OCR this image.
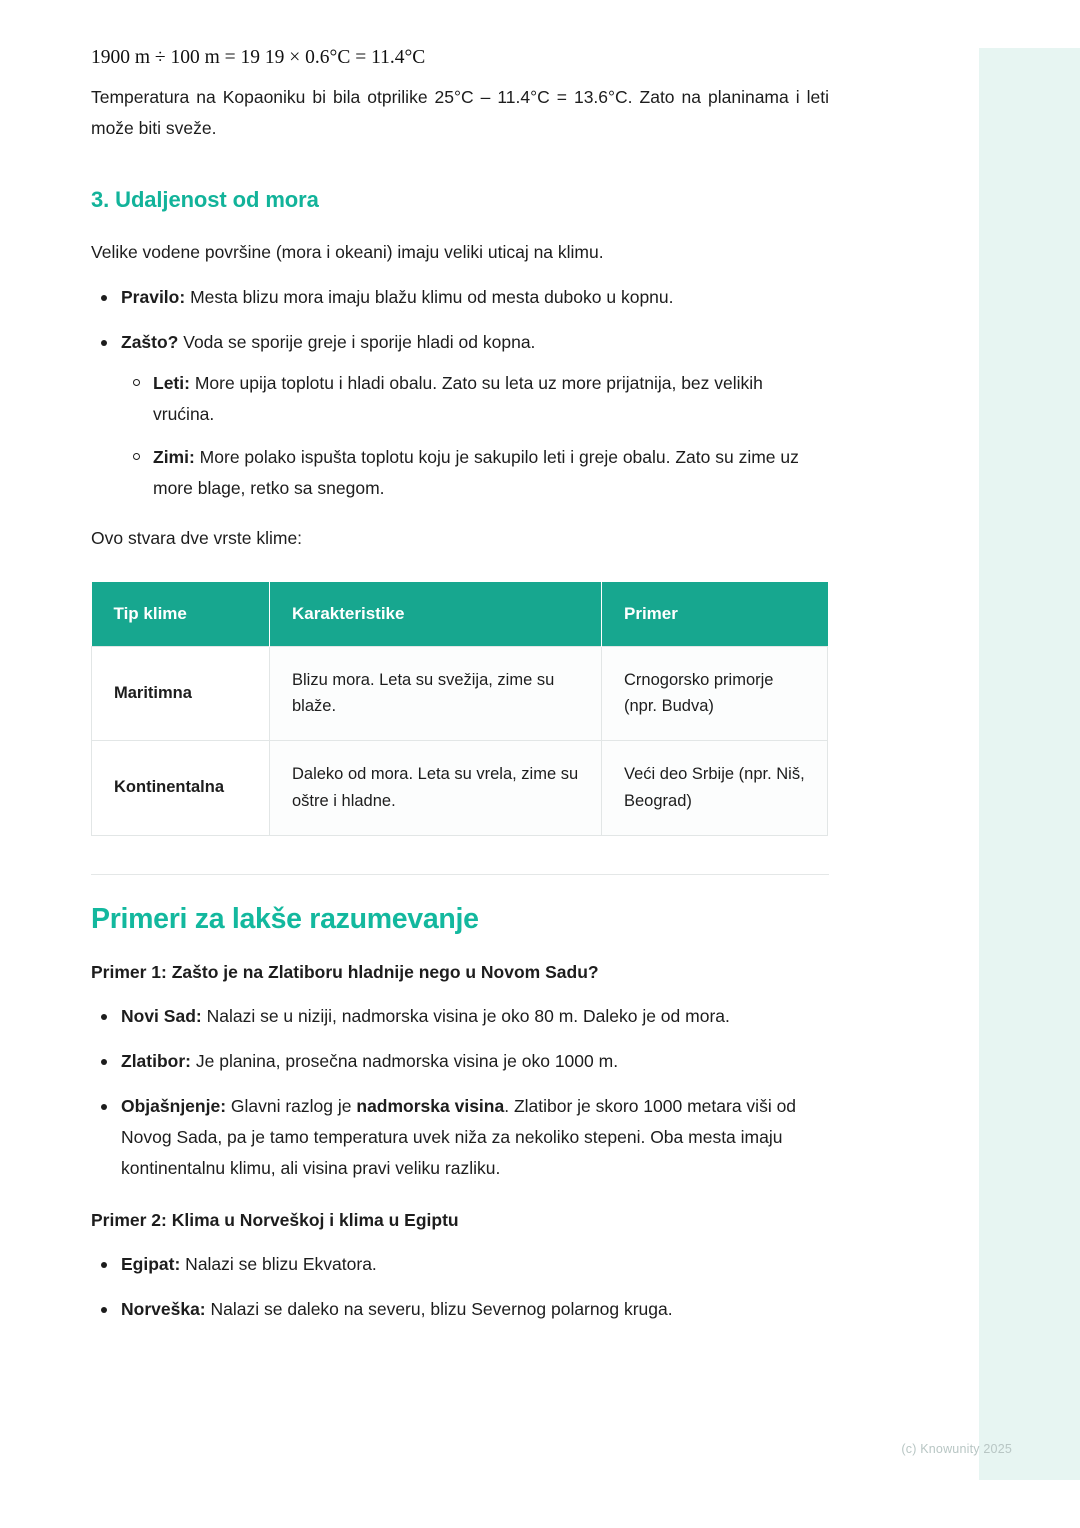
1900 m ÷ 100 m = 19 19 × 0.6°C = 11.4°C

Temperatura na Kopaoniku bi bila otprilike 25°C – 11.4°C = 13.6°C. Zato na planinama i leti može biti sveže.

3. Udaljenost od mora

Velike vodene površine (mora i okeani) imaju veliki uticaj na klimu.

Pravilo: Mesta blizu mora imaju blažu klimu od mesta duboko u kopnu.
Zašto? Voda se sporije greje i sporije hladi od kopna.
Leti: More upija toplotu i hladi obalu. Zato su leta uz more prijatnija, bez velikih vrućina.
Zimi: More polako ispušta toplotu koju je sakupilo leti i greje obalu. Zato su zime uz more blage, retko sa snegom.

Ovo stvara dve vrste klime:

Tip klime	Karakteristike	Primer
Maritimna	Blizu mora. Leta su svežija, zime su blaže.	Crnogorsko primorje (npr. Budva)
Kontinentalna	Daleko od mora. Leta su vrela, zime su oštre i hladne.	Veći deo Srbije (npr. Niš, Beograd)
Primeri za lakše razumevanje
Primer 1: Zašto je na Zlatiboru hladnije nego u Novom Sadu?
Novi Sad: Nalazi se u niziji, nadmorska visina je oko 80 m. Daleko je od mora.
Zlatibor: Je planina, prosečna nadmorska visina je oko 1000 m.
Objašnjenje: Glavni razlog je nadmorska visina. Zlatibor je skoro 1000 metara viši od Novog Sada, pa je tamo temperatura uvek niža za nekoliko stepeni. Oba mesta imaju kontinentalnu klimu, ali visina pravi veliku razliku.
Primer 2: Klima u Norveškoj i klima u Egiptu
Egipat: Nalazi se blizu Ekvatora.
Norveška: Nalazi se daleko na severu, blizu Severnog polarnog kruga.
(c) Knowunity 2025
